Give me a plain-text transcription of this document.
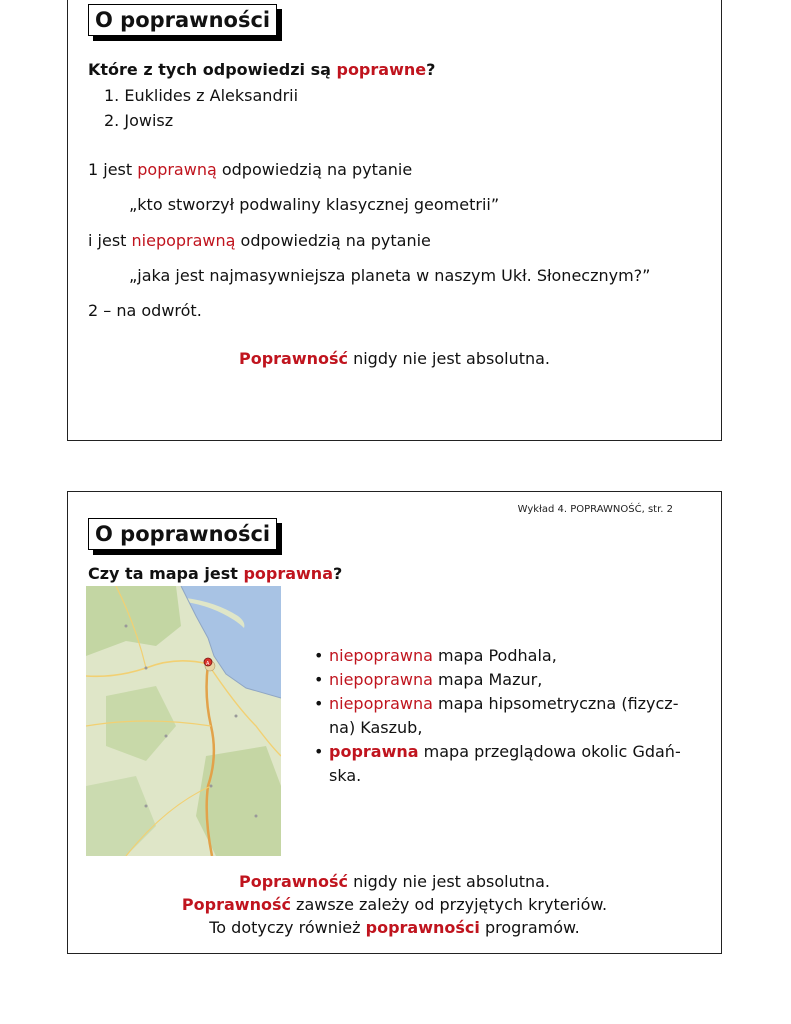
O poprawności
Które z tych odpowiedzi są poprawne?
1. Euklides z Aleksandrii
2. Jowisz
1 jest poprawną odpowiedzią na pytanie
„kto stworzył podwaliny klasycznej geometrii”
i jest niepoprawną odpowiedzią na pytanie
„jaka jest najmasywniejsza planeta w naszym Ukł. Słonecznym?”
2 – na odwrót.
Poprawność nigdy nie jest absolutna.
Wykład 4. POPRAWNOŚĆ, str. 2
O poprawności
Czy ta mapa jest poprawna?
A	• niepoprawna mapa Podhala,
• niepoprawna mapa Mazur,
• niepoprawna mapa hipsometryczna (fizycz-
na) Kaszub,
• poprawna mapa przeglądowa okolic Gdań-
ska.
Poprawność nigdy nie jest absolutna.
Poprawność zawsze zależy od przyjętych kryteriów.
To dotyczy również poprawności programów.
